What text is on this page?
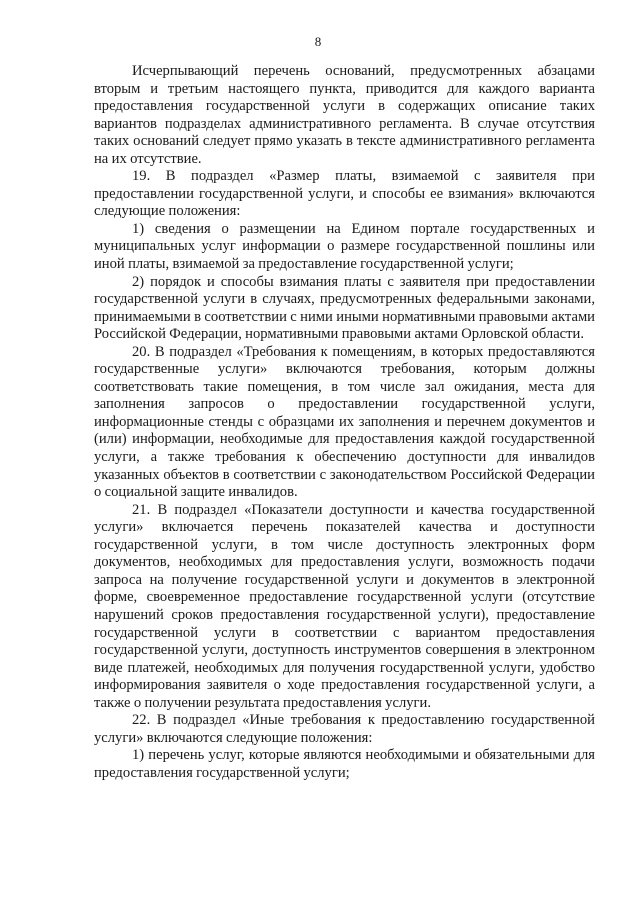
8

Исчерпывающий перечень оснований, предусмотренных абзацами вторым и третьим настоящего пункта, приводится для каждого варианта предоставления государственной услуги в содержащих описание таких вариантов подразделах административного регламента. В случае отсутствия таких оснований следует прямо указать в тексте административного регламента на их отсутствие.

19. В подраздел «Размер платы, взимаемой с заявителя при предоставлении государственной услуги, и способы ее взимания» включаются следующие положения:

1) сведения о размещении на Едином портале государственных и муниципальных услуг информации о размере государственной пошлины или иной платы, взимаемой за предоставление государственной услуги;

2) порядок и способы взимания платы с заявителя при предоставлении государственной услуги в случаях, предусмотренных федеральными законами, принимаемыми в соответствии с ними иными нормативными правовыми актами Российской Федерации, нормативными правовыми актами Орловской области.

20. В подраздел «Требования к помещениям, в которых предоставляются государственные услуги» включаются требования, которым должны соответствовать такие помещения, в том числе зал ожидания, места для заполнения запросов о предоставлении государственной услуги, информационные стенды с образцами их заполнения и перечнем документов и (или) информации, необходимые для предоставления каждой государственной услуги, а также требования к обеспечению доступности для инвалидов указанных объектов в соответствии с законодательством Российской Федерации о социальной защите инвалидов.

21. В подраздел «Показатели доступности и качества государственной услуги» включается перечень показателей качества и доступности государственной услуги, в том числе доступность электронных форм документов, необходимых для предоставления услуги, возможность подачи запроса на получение государственной услуги и документов в электронной форме, своевременное предоставление государственной услуги (отсутствие нарушений сроков предоставления государственной услуги), предоставление государственной услуги в соответствии с вариантом предоставления государственной услуги, доступность инструментов совершения в электронном виде платежей, необходимых для получения государственной услуги, удобство информирования заявителя о ходе предоставления государственной услуги, а также о получении результата предоставления услуги.

22. В подраздел «Иные требования к предоставлению государственной услуги» включаются следующие положения:

1) перечень услуг, которые являются необходимыми и обязательными для предоставления государственной услуги;
